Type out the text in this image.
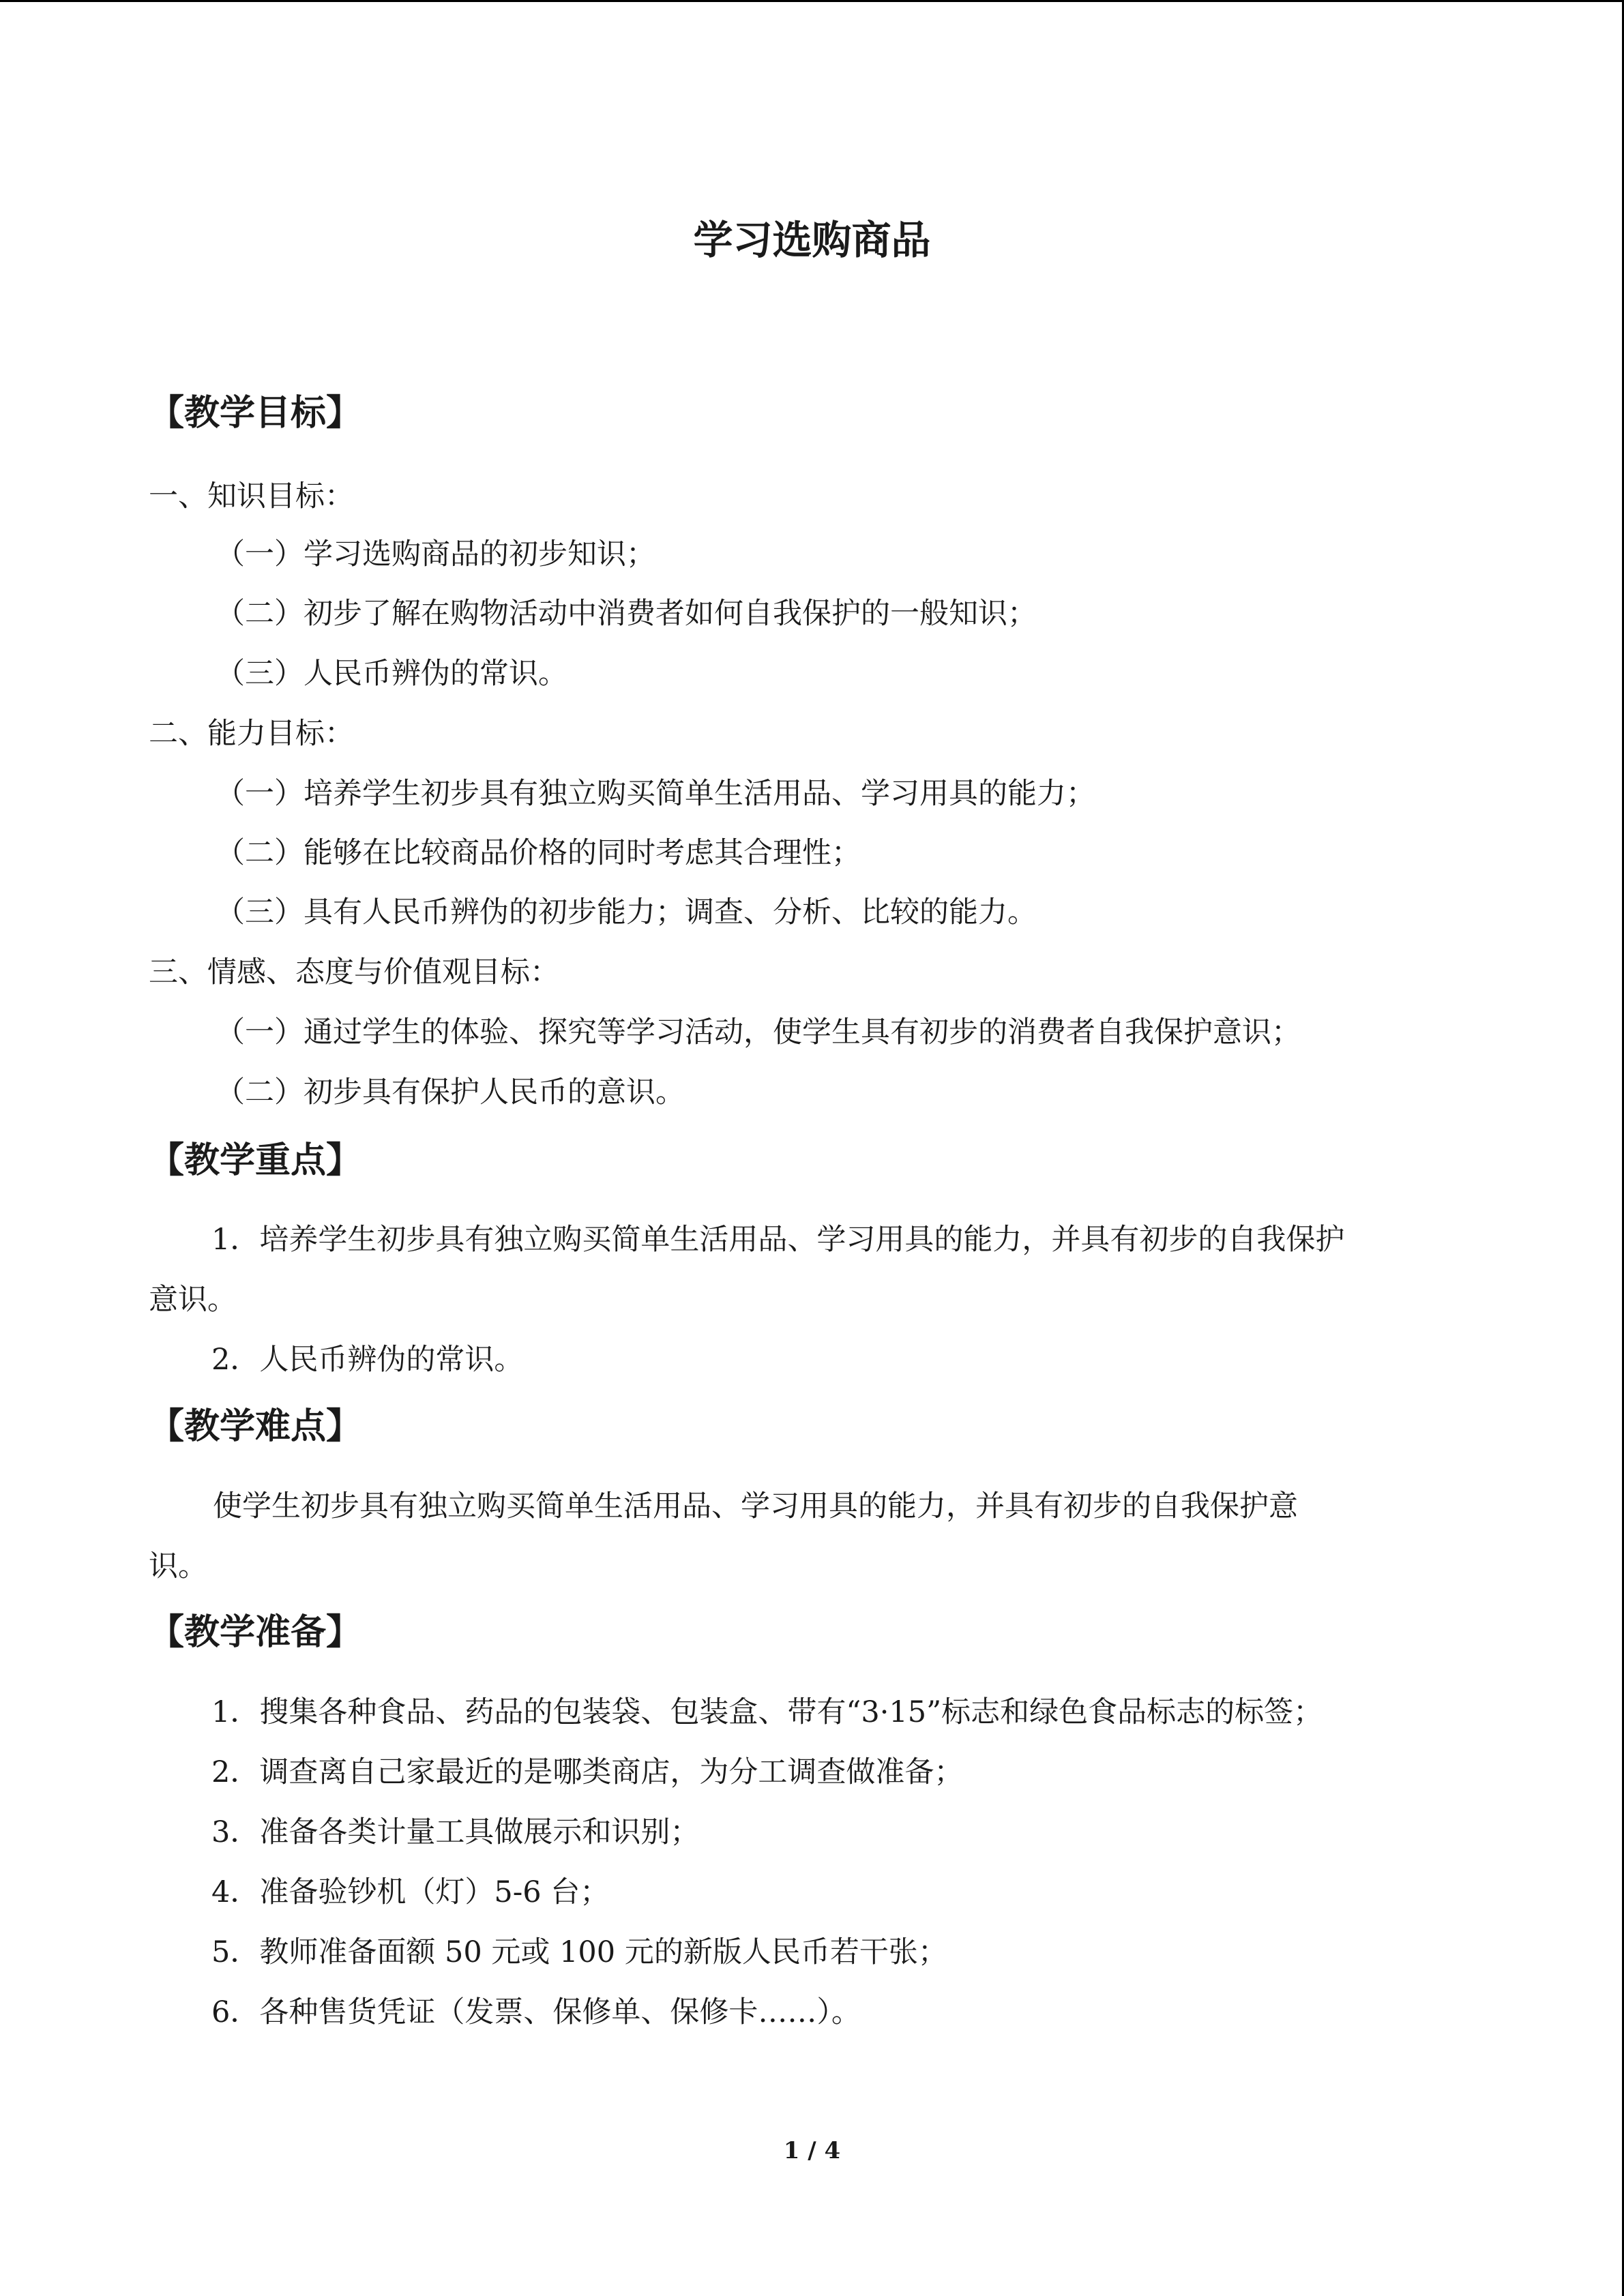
学习选购商品
【教学目标】
一、知识目标：
（一）学习选购商品的初步知识；
（二）初步了解在购物活动中消费者如何自我保护的一般知识；
（三）人民币辨伪的常识。
二、能力目标：
（一）培养学生初步具有独立购买简单生活用品、学习用具的能力；
（二）能够在比较商品价格的同时考虑其合理性；
（三）具有人民币辨伪的初步能力；调查、分析、比较的能力。
三、情感、态度与价值观目标：
（一）通过学生的体验、探究等学习活动，使学生具有初步的消费者自我保护意识；
（二）初步具有保护人民币的意识。
【教学重点】
1．培养学生初步具有独立购买简单生活用品、学习用具的能力，并具有初步的自我保护
意识。
2．人民币辨伪的常识。
【教学难点】
使学生初步具有独立购买简单生活用品、学习用具的能力，并具有初步的自我保护意
识。
【教学准备】
1．搜集各种食品、药品的包装袋、包装盒、带有“3·15”标志和绿色食品标志的标签；
2．调查离自己家最近的是哪类商店，为分工调查做准备；
3．准备各类计量工具做展示和识别；
4．准备验钞机（灯）5-6 台；
5．教师准备面额 50 元或 100 元的新版人民币若干张；
6．各种售货凭证（发票、保修单、保修卡……）。
1 / 4
